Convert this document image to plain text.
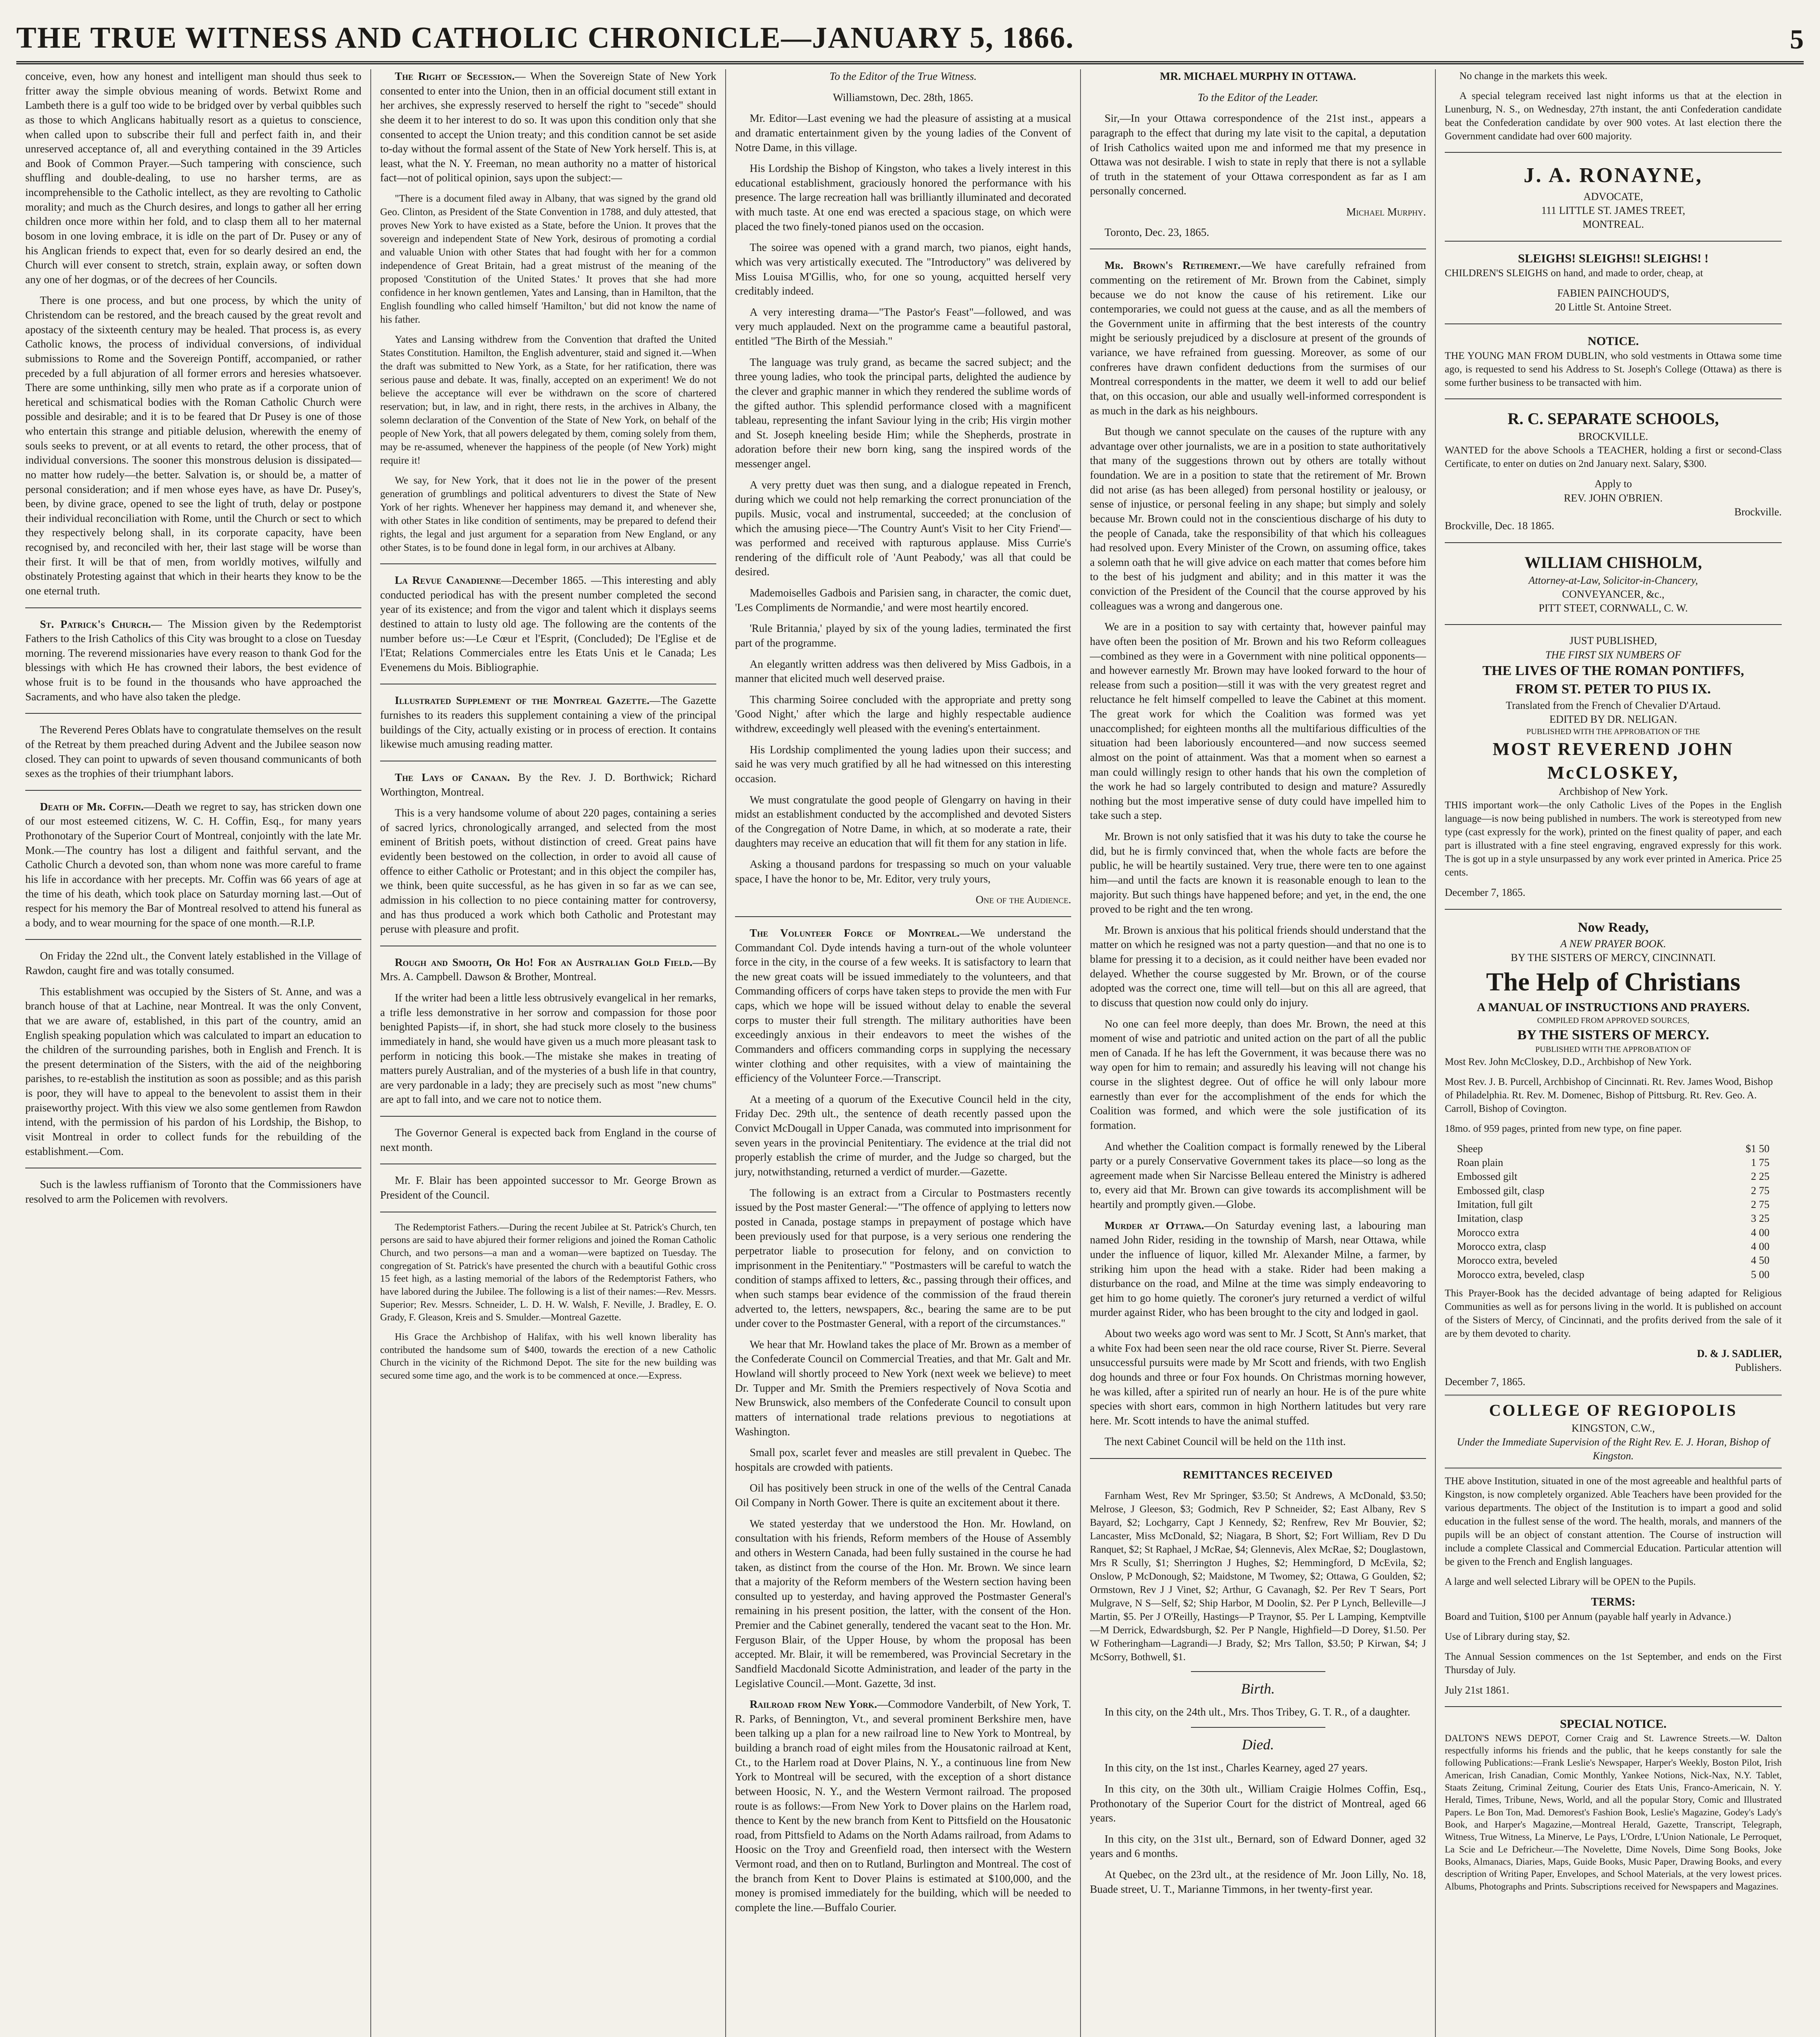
THE TRUE WITNESS AND CATHOLIC CHRONICLE—JANUARY 5, 1866.	5

conceive, even, how any honest and intelligent man should thus seek to fritter away the simple obvious meaning of words. Betwixt Rome and Lambeth there is a gulf too wide to be bridged over by verbal quibbles such as those to which Anglicans habitually resort as a quietus to conscience, when called upon to subscribe their full and perfect faith in, and their unreserved acceptance of, all and everything contained in the 39 Articles and Book of Common Prayer.—Such tampering with conscience, such shuffling and double-dealing, to use no harsher terms, are as incomprehensible to the Catholic intellect, as they are revolting to Catholic morality; and much as the Church desires, and longs to gather all her erring children once more within her fold, and to clasp them all to her maternal bosom in one loving embrace, it is idle on the part of Dr. Pusey or any of his Anglican friends to expect that, even for so dearly desired an end, the Church will ever consent to stretch, strain, explain away, or soften down any one of her dogmas, or of the decrees of her Councils.

There is one process, and but one process, by which the unity of Christendom can be restored, and the breach caused by the great revolt and apostacy of the sixteenth century may be healed. That process is, as every Catholic knows, the process of individual conversions, of individual submissions to Rome and the Sovereign Pontiff, accompanied, or rather preceded by a full abjuration of all former errors and heresies whatsoever. There are some unthinking, silly men who prate as if a corporate union of heretical and schismatical bodies with the Roman Catholic Church were possible and desirable; and it is to be feared that Dr Pusey is one of those who entertain this strange and pitiable delusion, wherewith the enemy of souls seeks to prevent, or at all events to retard, the other process, that of individual conversions. The sooner this monstrous delusion is dissipated—no matter how rudely—the better. Salvation is, or should be, a matter of personal consideration; and if men whose eyes have, as have Dr. Pusey's, been, by divine grace, opened to see the light of truth, delay or postpone their individual reconciliation with Rome, until the Church or sect to which they respectively belong shall, in its corporate capacity, have been recognised by, and reconciled with her, their last stage will be worse than their first. It will be that of men, from worldly motives, wilfully and obstinately Protesting against that which in their hearts they know to be the one eternal truth.

St. Patrick's Church.— The Mission given by the Redemptorist Fathers to the Irish Catholics of this City was brought to a close on Tuesday morning. The reverend missionaries have every reason to thank God for the blessings with which He has crowned their labors, the best evidence of whose fruit is to be found in the thousands who have approached the Sacraments, and who have also taken the pledge.

The Reverend Peres Oblats have to congratulate themselves on the result of the Retreat by them preached during Advent and the Jubilee season now closed. They can point to upwards of seven thousand communicants of both sexes as the trophies of their triumphant labors.

Death of Mr. Coffin.—Death we regret to say, has stricken down one of our most esteemed citizens, W. C. H. Coffin, Esq., for many years Prothonotary of the Superior Court of Montreal, conjointly with the late Mr. Monk.—The country has lost a diligent and faithful servant, and the Catholic Church a devoted son, than whom none was more careful to frame his life in accordance with her precepts. Mr. Coffin was 66 years of age at the time of his death, which took place on Saturday morning last.—Out of respect for his memory the Bar of Montreal resolved to attend his funeral as a body, and to wear mourning for the space of one month.—R.I.P.

On Friday the 22nd ult., the Convent lately established in the Village of Rawdon, caught fire and was totally consumed.

This establishment was occupied by the Sisters of St. Anne, and was a branch house of that at Lachine, near Montreal. It was the only Convent, that we are aware of, established, in this part of the country, amid an English speaking population which was calculated to impart an education to the children of the surrounding parishes, both in English and French. It is the present determination of the Sisters, with the aid of the neighboring parishes, to re-establish the institution as soon as possible; and as this parish is poor, they will have to appeal to the benevolent to assist them in their praiseworthy project. With this view we also some gentlemen from Rawdon intend, with the permission of his pardon of his Lordship, the Bishop, to visit Montreal in order to collect funds for the rebuilding of the establishment.—Com.

Such is the lawless ruffianism of Toronto that the Commissioners have resolved to arm the Policemen with revolvers.

The Right of Secession.— When the Sovereign State of New York consented to enter into the Union, then in an official document still extant in her archives, she expressly reserved to herself the right to "secede" should she deem it to her interest to do so. It was upon this condition only that she consented to accept the Union treaty; and this condition cannot be set aside to-day without the formal assent of the State of New York herself. This is, at least, what the N. Y. Freeman, no mean authority no a matter of historical fact—not of political opinion, says upon the subject:—

"There is a document filed away in Albany, that was signed by the grand old Geo. Clinton, as President of the State Convention in 1788, and duly attested, that proves New York to have existed as a State, before the Union. It proves that the sovereign and independent State of New York, desirous of promoting a cordial and valuable Union with other States that had fought with her for a common independence of Great Britain, had a great mistrust of the meaning of the proposed 'Constitution of the United States.' It proves that she had more confidence in her known gentlemen, Yates and Lansing, than in Hamilton, that the English foundling who called himself 'Hamilton,' but did not know the name of his father.

Yates and Lansing withdrew from the Convention that drafted the United States Constitution. Hamilton, the English adventurer, staid and signed it.—When the draft was submitted to New York, as a State, for her ratification, there was serious pause and debate. It was, finally, accepted on an experiment! We do not believe the acceptance will ever be withdrawn on the score of chartered reservation; but, in law, and in right, there rests, in the archives in Albany, the solemn declaration of the Convention of the State of New York, on behalf of the people of New York, that all powers delegated by them, coming solely from them, may be re-assumed, whenever the happiness of the people (of New York) might require it!

We say, for New York, that it does not lie in the power of the present generation of grumblings and political adventurers to divest the State of New York of her rights. Whenever her happiness may demand it, and whenever she, with other States in like condition of sentiments, may be prepared to defend their rights, the legal and just argument for a separation from New England, or any other States, is to be found done in legal form, in our archives at Albany.

La Revue Canadienne—December 1865. —This interesting and ably conducted periodical has with the present number completed the second year of its existence; and from the vigor and talent which it displays seems destined to attain to lusty old age. The following are the contents of the number before us:—Le Cœur et l'Esprit, (Concluded); De l'Eglise et de l'Etat; Relations Commerciales entre les Etats Unis et le Canada; Les Evenemens du Mois. Bibliographie.

Illustrated Supplement of the Montreal Gazette.—The Gazette furnishes to its readers this supplement containing a view of the principal buildings of the City, actually existing or in process of erection. It contains likewise much amusing reading matter.

The Lays of Canaan. By the Rev. J. D. Borthwick; Richard Worthington, Montreal.

This is a very handsome volume of about 220 pages, containing a series of sacred lyrics, chronologically arranged, and selected from the most eminent of British poets, without distinction of creed. Great pains have evidently been bestowed on the collection, in order to avoid all cause of offence to either Catholic or Protestant; and in this object the compiler has, we think, been quite successful, as he has given in so far as we can see, admission in his collection to no piece containing matter for controversy, and has thus produced a work which both Catholic and Protestant may peruse with pleasure and profit.

Rough and Smooth, Or Ho! For an Australian Gold Field.—By Mrs. A. Campbell. Dawson & Brother, Montreal.

If the writer had been a little less obtrusively evangelical in her remarks, a trifle less demonstrative in her sorrow and compassion for those poor benighted Papists—if, in short, she had stuck more closely to the business immediately in hand, she would have given us a much more pleasant task to perform in noticing this book.—The mistake she makes in treating of matters purely Australian, and of the mysteries of a bush life in that country, are very pardonable in a lady; they are precisely such as most "new chums" are apt to fall into, and we care not to notice them.

The Governor General is expected back from England in the course of next month.

Mr. F. Blair has been appointed successor to Mr. George Brown as President of the Council.

The Redemptorist Fathers.—During the recent Jubilee at St. Patrick's Church, ten persons are said to have abjured their former religions and joined the Roman Catholic Church, and two persons—a man and a woman—were baptized on Tuesday. The congregation of St. Patrick's have presented the church with a beautiful Gothic cross 15 feet high, as a lasting memorial of the labors of the Redemptorist Fathers, who have labored during the Jubilee. The following is a list of their names:—Rev. Messrs. Superior; Rev. Messrs. Schneider, L. D. H. W. Walsh, F. Neville, J. Bradley, E. O. Grady, F. Gleason, Kreis and S. Smulder.—Montreal Gazette.

His Grace the Archbishop of Halifax, with his well known liberality has contributed the handsome sum of $400, towards the erection of a new Catholic Church in the vicinity of the Richmond Depot. The site for the new building was secured some time ago, and the work is to be commenced at once.—Express.

To the Editor of the True Witness.

Williamstown, Dec. 28th, 1865.

Mr. Editor—Last evening we had the pleasure of assisting at a musical and dramatic entertainment given by the young ladies of the Convent of Notre Dame, in this village.

His Lordship the Bishop of Kingston, who takes a lively interest in this educational establishment, graciously honored the performance with his presence. The large recreation hall was brilliantly illuminated and decorated with much taste. At one end was erected a spacious stage, on which were placed the two finely-toned pianos used on the occasion.

The soiree was opened with a grand march, two pianos, eight hands, which was very artistically executed. The "Introductory" was delivered by Miss Louisa M'Gillis, who, for one so young, acquitted herself very creditably indeed.

A very interesting drama—"The Pastor's Feast"—followed, and was very much applauded. Next on the programme came a beautiful pastoral, entitled "The Birth of the Messiah."

The language was truly grand, as became the sacred subject; and the three young ladies, who took the principal parts, delighted the audience by the clever and graphic manner in which they rendered the sublime words of the gifted author. This splendid performance closed with a magnificent tableau, representing the infant Saviour lying in the crib; His virgin mother and St. Joseph kneeling beside Him; while the Shepherds, prostrate in adoration before their new born king, sang the inspired words of the messenger angel.

A very pretty duet was then sung, and a dialogue repeated in French, during which we could not help remarking the correct pronunciation of the pupils. Music, vocal and instrumental, succeeded; at the conclusion of which the amusing piece—'The Country Aunt's Visit to her City Friend'—was performed and received with rapturous applause. Miss Currie's rendering of the difficult role of 'Aunt Peabody,' was all that could be desired.

Mademoiselles Gadbois and Parisien sang, in character, the comic duet, 'Les Compliments de Normandie,' and were most heartily encored.

'Rule Britannia,' played by six of the young ladies, terminated the first part of the programme.

An elegantly written address was then delivered by Miss Gadbois, in a manner that elicited much well deserved praise.

This charming Soiree concluded with the appropriate and pretty song 'Good Night,' after which the large and highly respectable audience withdrew, exceedingly well pleased with the evening's entertainment.

His Lordship complimented the young ladies upon their success; and said he was very much gratified by all he had witnessed on this interesting occasion.

We must congratulate the good people of Glengarry on having in their midst an establishment conducted by the accomplished and devoted Sisters of the Congregation of Notre Dame, in which, at so moderate a rate, their daughters may receive an education that will fit them for any station in life.

Asking a thousand pardons for trespassing so much on your valuable space, I have the honor to be, Mr. Editor, very truly yours,

One of the Audience.

The Volunteer Force of Montreal.—We understand the Commandant Col. Dyde intends having a turn-out of the whole volunteer force in the city, in the course of a few weeks. It is satisfactory to learn that the new great coats will be issued immediately to the volunteers, and that Commanding officers of corps have taken steps to provide the men with Fur caps, which we hope will be issued without delay to enable the several corps to muster their full strength. The military authorities have been exceedingly anxious in their endeavors to meet the wishes of the Commanders and officers commanding corps in supplying the necessary winter clothing and other requisites, with a view of maintaining the efficiency of the Volunteer Force.—Transcript.

At a meeting of a quorum of the Executive Council held in the city, Friday Dec. 29th ult., the sentence of death recently passed upon the Convict McDougall in Upper Canada, was commuted into imprisonment for seven years in the provincial Penitentiary. The evidence at the trial did not properly establish the crime of murder, and the Judge so charged, but the jury, notwithstanding, returned a verdict of murder.—Gazette.

The following is an extract from a Circular to Postmasters recently issued by the Post master General:—"The offence of applying to letters now posted in Canada, postage stamps in prepayment of postage which have been previously used for that purpose, is a very serious one rendering the perpetrator liable to prosecution for felony, and on conviction to imprisonment in the Penitentiary." "Postmasters will be careful to watch the condition of stamps affixed to letters, &c., passing through their offices, and when such stamps bear evidence of the commission of the fraud therein adverted to, the letters, newspapers, &c., bearing the same are to be put under cover to the Postmaster General, with a report of the circumstances."

We hear that Mr. Howland takes the place of Mr. Brown as a member of the Confederate Council on Commercial Treaties, and that Mr. Galt and Mr. Howland will shortly proceed to New York (next week we believe) to meet Dr. Tupper and Mr. Smith the Premiers respectively of Nova Scotia and New Brunswick, also members of the Confederate Council to consult upon matters of international trade relations previous to negotiations at Washington.

Small pox, scarlet fever and measles are still prevalent in Quebec. The hospitals are crowded with patients.

Oil has positively been struck in one of the wells of the Central Canada Oil Company in North Gower. There is quite an excitement about it there.

We stated yesterday that we understood the Hon. Mr. Howland, on consultation with his friends, Reform members of the House of Assembly and others in Western Canada, had been fully sustained in the course he had taken, as distinct from the course of the Hon. Mr. Brown. We since learn that a majority of the Reform members of the Western section having been consulted up to yesterday, and having approved the Postmaster General's remaining in his present position, the latter, with the consent of the Hon. Premier and the Cabinet generally, tendered the vacant seat to the Hon. Mr. Ferguson Blair, of the Upper House, by whom the proposal has been accepted. Mr. Blair, it will be remembered, was Provincial Secretary in the Sandfield Macdonald Sicotte Administration, and leader of the party in the Legislative Council.—Mont. Gazette, 3d inst.

Railroad from New York.—Commodore Vanderbilt, of New York, T. R. Parks, of Bennington, Vt., and several prominent Berkshire men, have been talking up a plan for a new railroad line to New York to Montreal, by building a branch road of eight miles from the Housatonic railroad at Kent, Ct., to the Harlem road at Dover Plains, N. Y., a continuous line from New York to Montreal will be secured, with the exception of a short distance between Hoosic, N. Y., and the Western Vermont railroad. The proposed route is as follows:—From New York to Dover plains on the Harlem road, thence to Kent by the new branch from Kent to Pittsfield on the Housatonic road, from Pittsfield to Adams on the North Adams railroad, from Adams to Hoosic on the Troy and Greenfield road, then intersect with the Western Vermont road, and then on to Rutland, Burlington and Montreal. The cost of the branch from Kent to Dover Plains is estimated at $100,000, and the money is promised immediately for the building, which will be needed to complete the line.—Buffalo Courier.

MR. MICHAEL MURPHY IN OTTAWA.

To the Editor of the Leader.

Sir,—In your Ottawa correspondence of the 21st inst., appears a paragraph to the effect that during my late visit to the capital, a deputation of Irish Catholics waited upon me and informed me that my presence in Ottawa was not desirable. I wish to state in reply that there is not a syllable of truth in the statement of your Ottawa correspondent as far as I am personally concerned.

Michael Murphy.

Toronto, Dec. 23, 1865.

Mr. Brown's Retirement.—We have carefully refrained from commenting on the retirement of Mr. Brown from the Cabinet, simply because we do not know the cause of his retirement. Like our contemporaries, we could not guess at the cause, and as all the members of the Government unite in affirming that the best interests of the country might be seriously prejudiced by a disclosure at present of the grounds of variance, we have refrained from guessing. Moreover, as some of our confreres have drawn confident deductions from the surmises of our Montreal correspondents in the matter, we deem it well to add our belief that, on this occasion, our able and usually well-informed correspondent is as much in the dark as his neighbours.

But though we cannot speculate on the causes of the rupture with any advantage over other journalists, we are in a position to state authoritatively that many of the suggestions thrown out by others are totally without foundation. We are in a position to state that the retirement of Mr. Brown did not arise (as has been alleged) from personal hostility or jealousy, or sense of injustice, or personal feeling in any shape; but simply and solely because Mr. Brown could not in the conscientious discharge of his duty to the people of Canada, take the responsibility of that which his colleagues had resolved upon. Every Minister of the Crown, on assuming office, takes a solemn oath that he will give advice on each matter that comes before him to the best of his judgment and ability; and in this matter it was the conviction of the President of the Council that the course approved by his colleagues was a wrong and dangerous one.

We are in a position to say with certainty that, however painful may have often been the position of Mr. Brown and his two Reform colleagues—combined as they were in a Government with nine political opponents—and however earnestly Mr. Brown may have looked forward to the hour of release from such a position—still it was with the very greatest regret and reluctance he felt himself compelled to leave the Cabinet at this moment. The great work for which the Coalition was formed was yet unaccomplished; for eighteen months all the multifarious difficulties of the situation had been laboriously encountered—and now success seemed almost on the point of attainment. Was that a moment when so earnest a man could willingly resign to other hands that his own the completion of the work he had so largely contributed to design and mature? Assuredly nothing but the most imperative sense of duty could have impelled him to take such a step.

Mr. Brown is not only satisfied that it was his duty to take the course he did, but he is firmly convinced that, when the whole facts are before the public, he will be heartily sustained. Very true, there were ten to one against him—and until the facts are known it is reasonable enough to lean to the majority. But such things have happened before; and yet, in the end, the one proved to be right and the ten wrong.

Mr. Brown is anxious that his political friends should understand that the matter on which he resigned was not a party question—and that no one is to blame for pressing it to a decision, as it could neither have been evaded nor delayed. Whether the course suggested by Mr. Brown, or of the course adopted was the correct one, time will tell—but on this all are agreed, that to discuss that question now could only do injury.

No one can feel more deeply, than does Mr. Brown, the need at this moment of wise and patriotic and united action on the part of all the public men of Canada. If he has left the Government, it was because there was no way open for him to remain; and assuredly his leaving will not change his course in the slightest degree. Out of office he will only labour more earnestly than ever for the accomplishment of the ends for which the Coalition was formed, and which were the sole justification of its formation.

And whether the Coalition compact is formally renewed by the Liberal party or a purely Conservative Government takes its place—so long as the agreement made when Sir Narcisse Belleau entered the Ministry is adhered to, every aid that Mr. Brown can give towards its accomplishment will be heartily and promptly given.—Globe.

Murder at Ottawa.—On Saturday evening last, a labouring man named John Rider, residing in the township of Marsh, near Ottawa, while under the influence of liquor, killed Mr. Alexander Milne, a farmer, by striking him upon the head with a stake. Rider had been making a disturbance on the road, and Milne at the time was simply endeavoring to get him to go home quietly. The coroner's jury returned a verdict of wilful murder against Rider, who has been brought to the city and lodged in gaol.

About two weeks ago word was sent to Mr. J Scott, St Ann's market, that a white Fox had been seen near the old race course, River St. Pierre. Several unsuccessful pursuits were made by Mr Scott and friends, with two English dog hounds and three or four Fox hounds. On Christmas morning however, he was killed, after a spirited run of nearly an hour. He is of the pure white species with short ears, common in high Northern latitudes but very rare here. Mr. Scott intends to have the animal stuffed.

The next Cabinet Council will be held on the 11th inst.

REMITTANCES RECEIVED

Farnham West, Rev Mr Springer, $3.50; St Andrews, A McDonald, $3.50; Melrose, J Gleeson, $3; Godmich, Rev P Schneider, $2; East Albany, Rev S Bayard, $2; Lochgarry, Capt J Kennedy, $2; Renfrew, Rev Mr Bouvier, $2; Lancaster, Miss McDonald, $2; Niagara, B Short, $2; Fort William, Rev D Du Ranquet, $2; St Raphael, J McRae, $4; Glennevis, Alex McRae, $2; Douglastown, Mrs R Scully, $1; Sherrington J Hughes, $2; Hemmingford, D McEvila, $2; Onslow, P McDonough, $2; Maidstone, M Twomey, $2; Ottawa, G Goulden, $2; Ormstown, Rev J J Vinet, $2; Arthur, G Cavanagh, $2. Per Rev T Sears, Port Mulgrave, N S—Self, $2; Ship Harbor, M Doolin, $2. Per P Lynch, Belleville—J Martin, $5. Per J O'Reilly, Hastings—P Traynor, $5. Per L Lamping, Kemptville—M Derrick, Edwardsburgh, $2. Per P Nangle, Highfield—D Dorey, $1.50. Per W Fotheringham—Lagrandi—J Brady, $2; Mrs Tallon, $3.50; P Kirwan, $4; J McSorry, Bothwell, $1.

Birth.

In this city, on the 24th ult., Mrs. Thos Tribey, G. T. R., of a daughter.

Died.

In this city, on the 1st inst., Charles Kearney, aged 27 years.

In this city, on the 30th ult., William Craigie Holmes Coffin, Esq., Prothonotary of the Superior Court for the district of Montreal, aged 66 years.

In this city, on the 31st ult., Bernard, son of Edward Donner, aged 32 years and 6 months.

At Quebec, on the 23rd ult., at the residence of Mr. Joon Lilly, No. 18, Buade street, U. T., Marianne Timmons, in her twenty-first year.

No change in the markets this week.

A special telegram received last night informs us that at the election in Lunenburg, N. S., on Wednesday, 27th instant, the anti Confederation candidate beat the Confederation candidate by over 900 votes. At last election there the Government candidate had over 600 majority.

J. A. RONAYNE,
ADVOCATE,
111 LITTLE ST. JAMES TREET,
MONTREAL.
SLEIGHS! SLEIGHS!! SLEIGHS! !

CHILDREN'S SLEIGHS on hand, and made to order, cheap, at

FABIEN PAINCHOUD'S,
20 Little St. Antoine Street.
NOTICE.

THE YOUNG MAN FROM DUBLIN, who sold vestments in Ottawa some time ago, is requested to send his Address to St. Joseph's College (Ottawa) as there is some further business to be transacted with him.

R. C. SEPARATE SCHOOLS,
BROCKVILLE.

WANTED for the above Schools a TEACHER, holding a first or second-Class Certificate, to enter on duties on 2nd January next. Salary, $300.

Apply to
REV. JOHN O'BRIEN.
Brockville.
Brockville, Dec. 18 1865.
WILLIAM CHISHOLM,
Attorney-at-Law, Solicitor-in-Chancery,
CONVEYANCER, &c.,
PITT STEET, CORNWALL, C. W.
JUST PUBLISHED,
THE FIRST SIX NUMBERS OF
THE LIVES OF THE ROMAN PONTIFFS,
FROM ST. PETER TO PIUS IX.
Translated from the French of Chevalier D'Artaud.
EDITED BY DR. NELIGAN.
PUBLISHED WITH THE APPROBATION OF THE
MOST REVEREND JOHN McCLOSKEY,
Archbishop of New York.

THIS important work—the only Catholic Lives of the Popes in the English language—is now being published in numbers. The work is stereotyped from new type (cast expressly for the work), printed on the finest quality of paper, and each part is illustrated with a fine steel engraving, engraved expressly for this work. The is got up in a style unsurpassed by any work ever printed in America. Price 25 cents.

December 7, 1865.
Now Ready,
A NEW PRAYER BOOK.
BY THE SISTERS OF MERCY, CINCINNATI.
The Help of Christians
A MANUAL OF INSTRUCTIONS AND PRAYERS.
COMPILED FROM APPROVED SOURCES,
BY THE SISTERS OF MERCY.
PUBLISHED WITH THE APPROBATION OF

Most Rev. John McCloskey, D.D., Archbishop of New York.

Most Rev. J. B. Purcell, Archbishop of Cincinnati. Rt. Rev. James Wood, Bishop of Philadelphia. Rt. Rev. M. Domenec, Bishop of Pittsburg. Rt. Rev. Geo. A. Carroll, Bishop of Covington.

18mo. of 959 pages, printed from new type, on fine paper.

Sheep	$1 50
Roan plain	1 75
Embossed gilt	2 25
Embossed gilt, clasp	2 75
Imitation, full gilt	2 75
Imitation, clasp	3 25
Morocco extra	4 00
Morocco extra, clasp	4 00
Morocco extra, beveled	4 50
Morocco extra, beveled, clasp	5 00

This Prayer-Book has the decided advantage of being adapted for Religious Communities as well as for persons living in the world. It is published on account of the Sisters of Mercy, of Cincinnati, and the profits derived from the sale of it are by them devoted to charity.

D. & J. SADLIER,
Publishers.
December 7, 1865.
COLLEGE OF REGIOPOLIS
KINGSTON, C.W.,
Under the Immediate Supervision of the Right Rev. E. J. Horan, Bishop of Kingston.

THE above Institution, situated in one of the most agreeable and healthful parts of Kingston, is now completely organized. Able Teachers have been provided for the various departments. The object of the Institution is to impart a good and solid education in the fullest sense of the word. The health, morals, and manners of the pupils will be an object of constant attention. The Course of instruction will include a complete Classical and Commercial Education. Particular attention will be given to the French and English languages.

A large and well selected Library will be OPEN to the Pupils.

TERMS:

Board and Tuition, $100 per Annum (payable half yearly in Advance.)

Use of Library during stay, $2.

The Annual Session commences on the 1st September, and ends on the First Thursday of July.

July 21st 1861.
SPECIAL NOTICE.

DALTON'S NEWS DEPOT, Corner Craig and St. Lawrence Streets.—W. Dalton respectfully informs his friends and the public, that he keeps constantly for sale the following Publications:—Frank Leslie's Newspaper, Harper's Weekly, Boston Pilot, Irish American, Irish Canadian, Comic Monthly, Yankee Notions, Nick-Nax, N.Y. Tablet, Staats Zeitung, Criminal Zeitung, Courier des Etats Unis, Franco-Americain, N. Y. Herald, Times, Tribune, News, World, and all the popular Story, Comic and Illustrated Papers. Le Bon Ton, Mad. Demorest's Fashion Book, Leslie's Magazine, Godey's Lady's Book, and Harper's Magazine,—Montreal Herald, Gazette, Transcript, Telegraph, Witness, True Witness, La Minerve, Le Pays, L'Ordre, L'Union Nationale, Le Perroquet, La Scie and Le Defricheur.—The Novelette, Dime Novels, Dime Song Books, Joke Books, Almanacs, Diaries, Maps, Guide Books, Music Paper, Drawing Books, and every description of Writing Paper, Envelopes, and School Materials, at the very lowest prices. Albums, Photographs and Prints. Subscriptions received for Newspapers and Magazines.
